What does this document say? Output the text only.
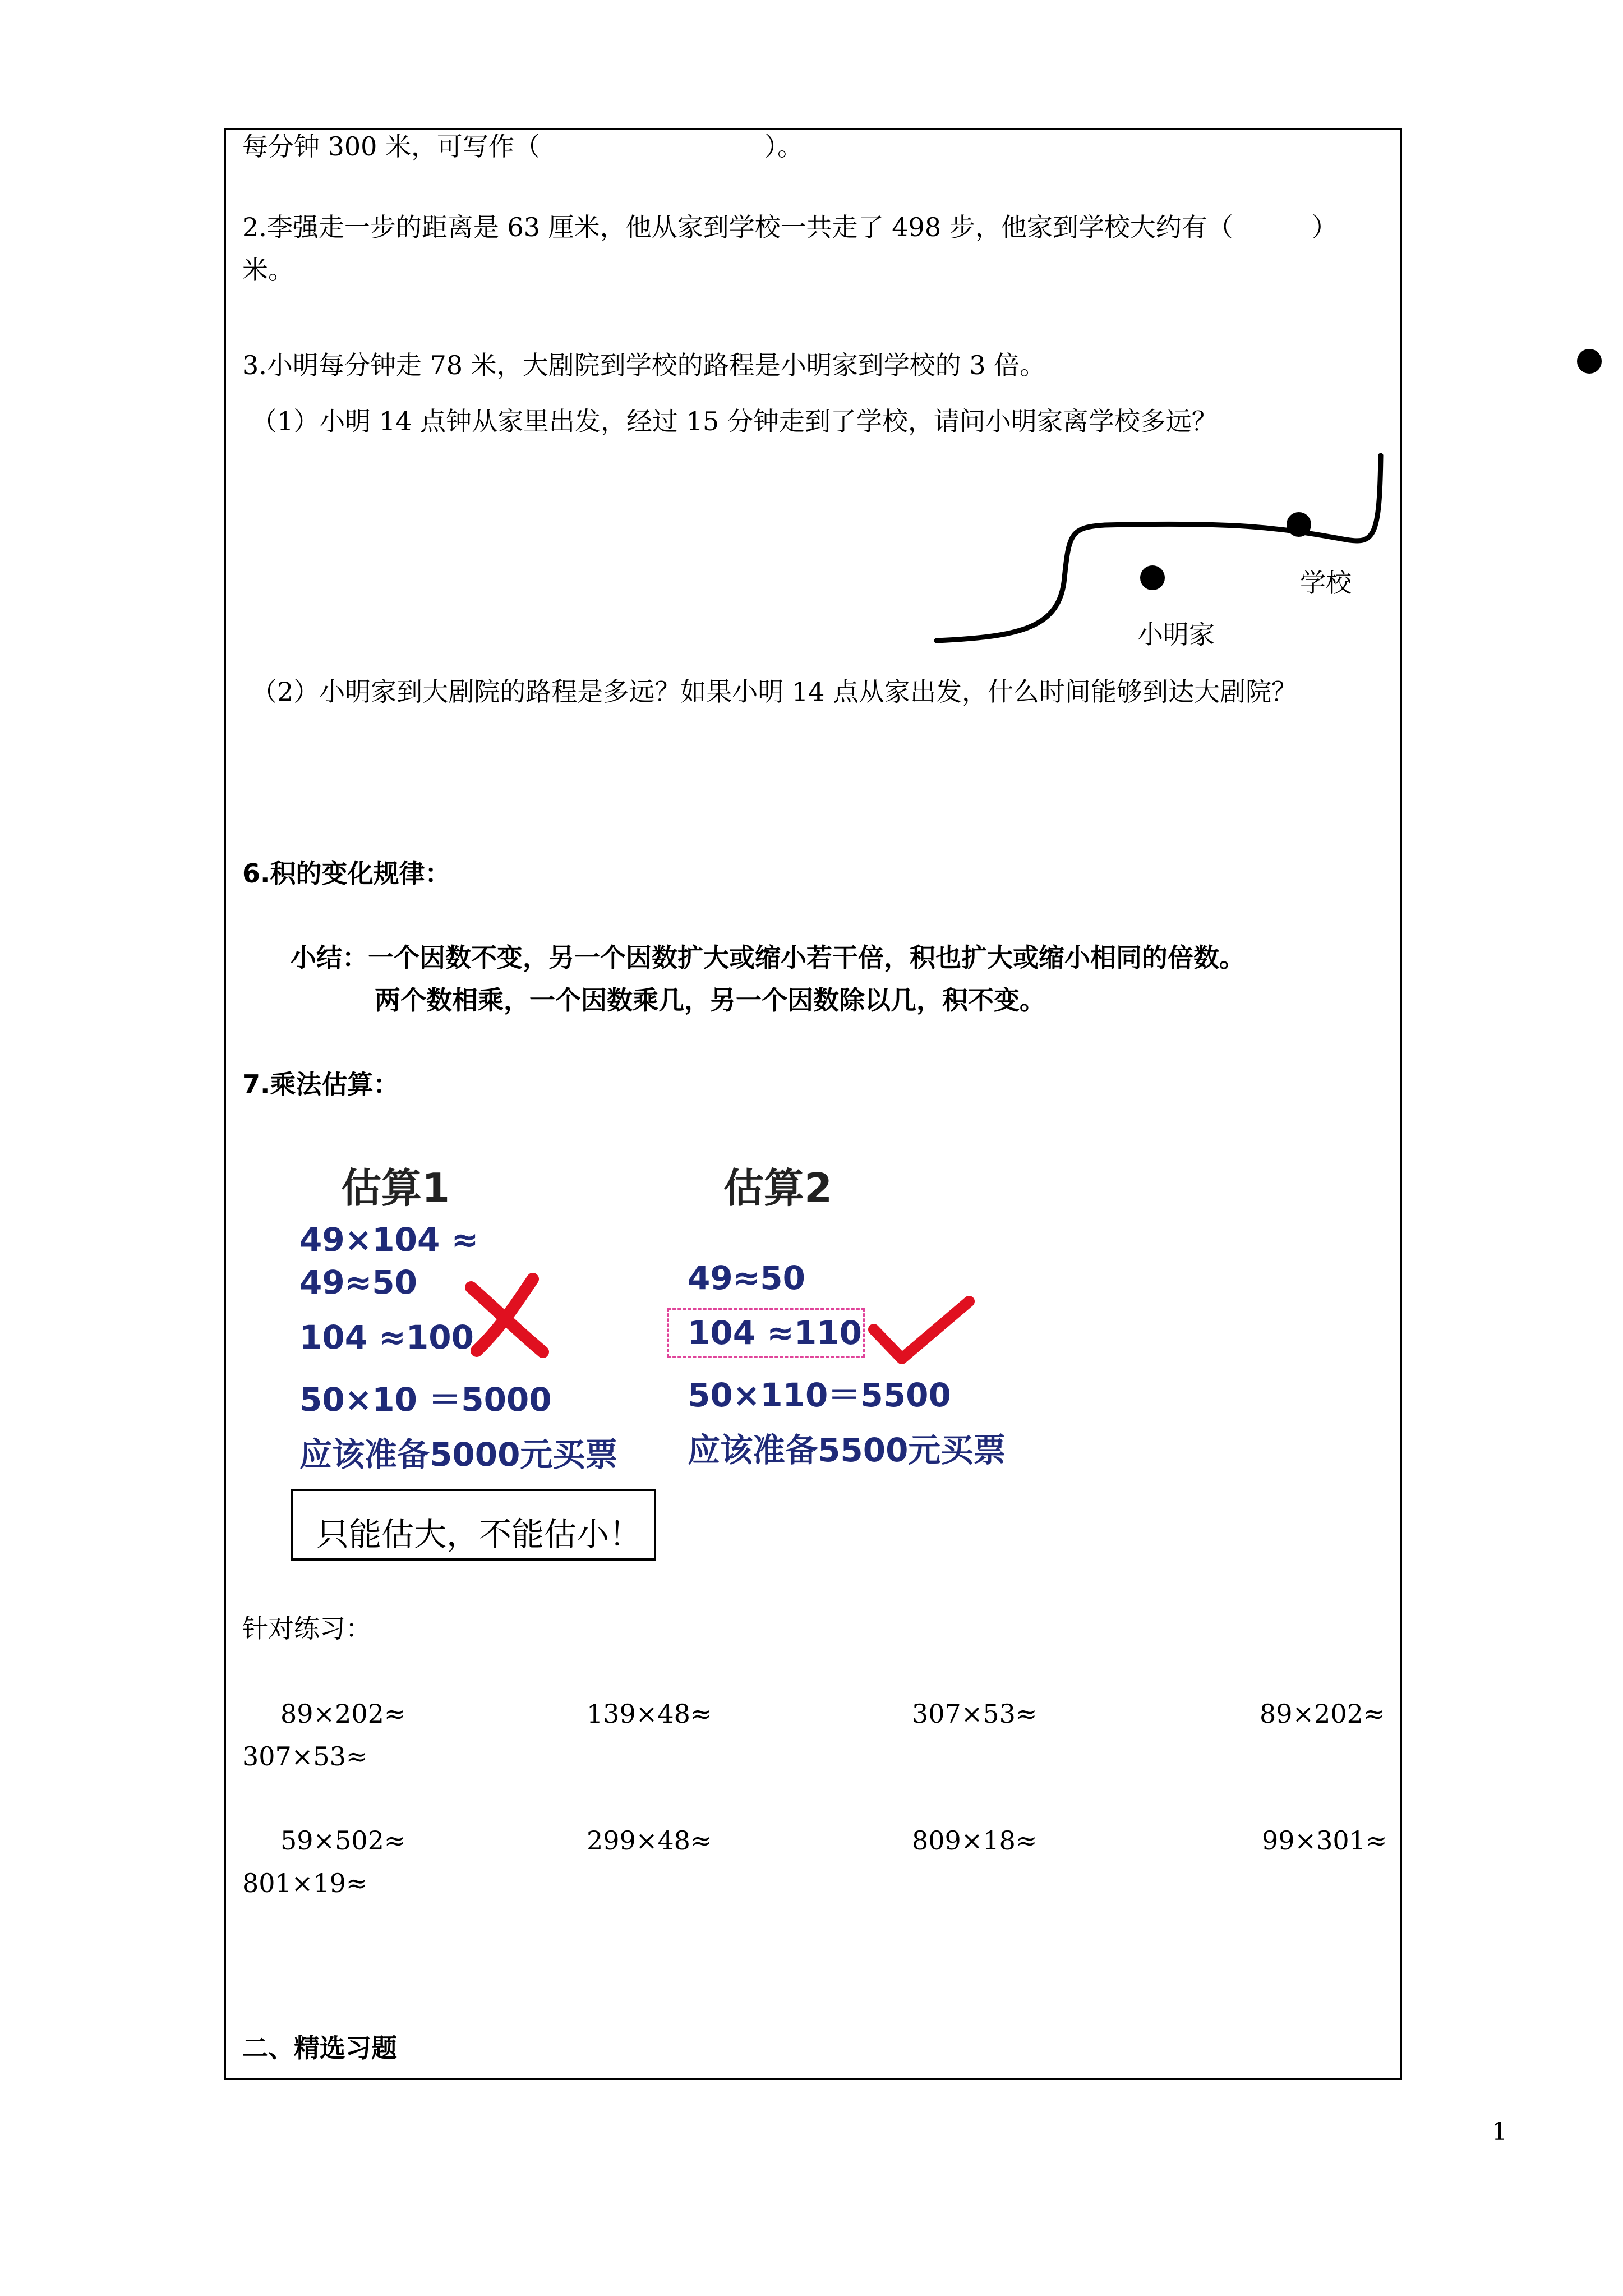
每分钟 300 米，可写作（	）。
2.李强走一步的距离是 63 厘米，他从家到学校一共走了 498 步，他家到学校大约有（	）
米。
3.小明每分钟走 78 米，大剧院到学校的路程是小明家到学校的 3 倍。
（1）小明 14 点钟从家里出发，经过 15 分钟走到了学校，请问小明家离学校多远？
学校
小明家
（2）小明家到大剧院的路程是多远？如果小明 14 点从家出发，什么时间能够到达大剧院？
6.积的变化规律：
小结：一个因数不变，另一个因数扩大或缩小若干倍，积也扩大或缩小相同的倍数。
两个数相乘，一个因数乘几，另一个因数除以几，积不变。
7.乘法估算：
估算1
49×104 ≈
49≈50
104 ≈100
50×10 ＝5000
应该准备5000元买票
只能估大，不能估小！
估算2
49≈50
104 ≈110
50×110＝5500
应该准备5500元买票
针对练习：
89×202≈	139×48≈	307×53≈	89×202≈
307×53≈
59×502≈	299×48≈	809×18≈	99×301≈
801×19≈
二、精选习题
1
